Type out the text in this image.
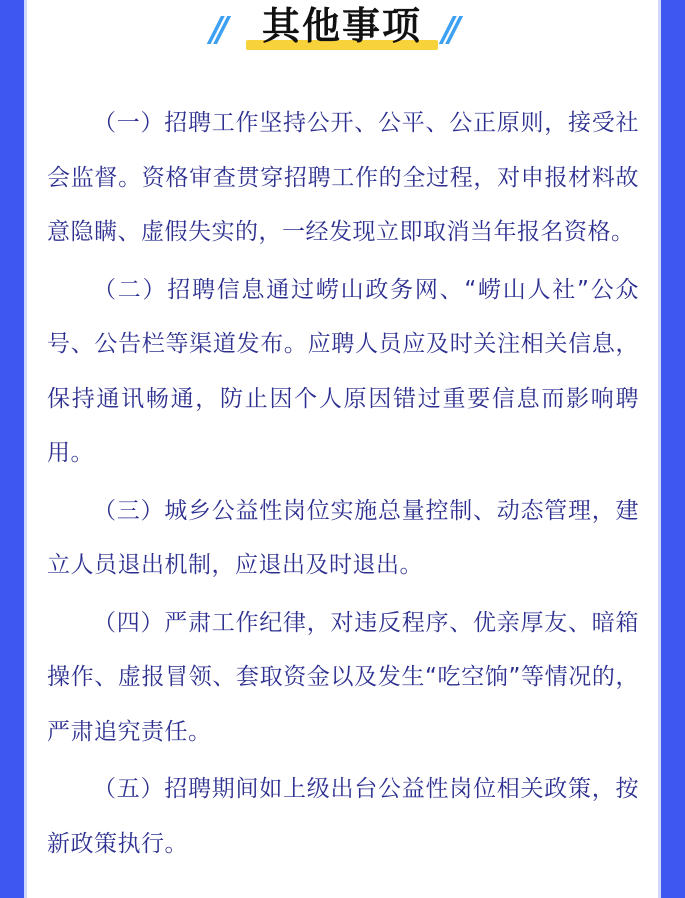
//	其他事项 //

（一）招聘工作坚持公开、公平、公正原则，接受社会监督。资格审查贯穿招聘工作的全过程，对申报材料故意隐瞒、虚假失实的，一经发现立即取消当年报名资格。

（二）招聘信息通过崂山政务网、“崂山人社”公众号、公告栏等渠道发布。应聘人员应及时关注相关信息，保持通讯畅通，防止因个人原因错过重要信息而影响聘用。

（三）城乡公益性岗位实施总量控制、动态管理，建立人员退出机制，应退出及时退出。

（四）严肃工作纪律，对违反程序、优亲厚友、暗箱操作、虚报冒领、套取资金以及发生“吃空饷”等情况的，严肃追究责任。

（五）招聘期间如上级出台公益性岗位相关政策，按新政策执行。
